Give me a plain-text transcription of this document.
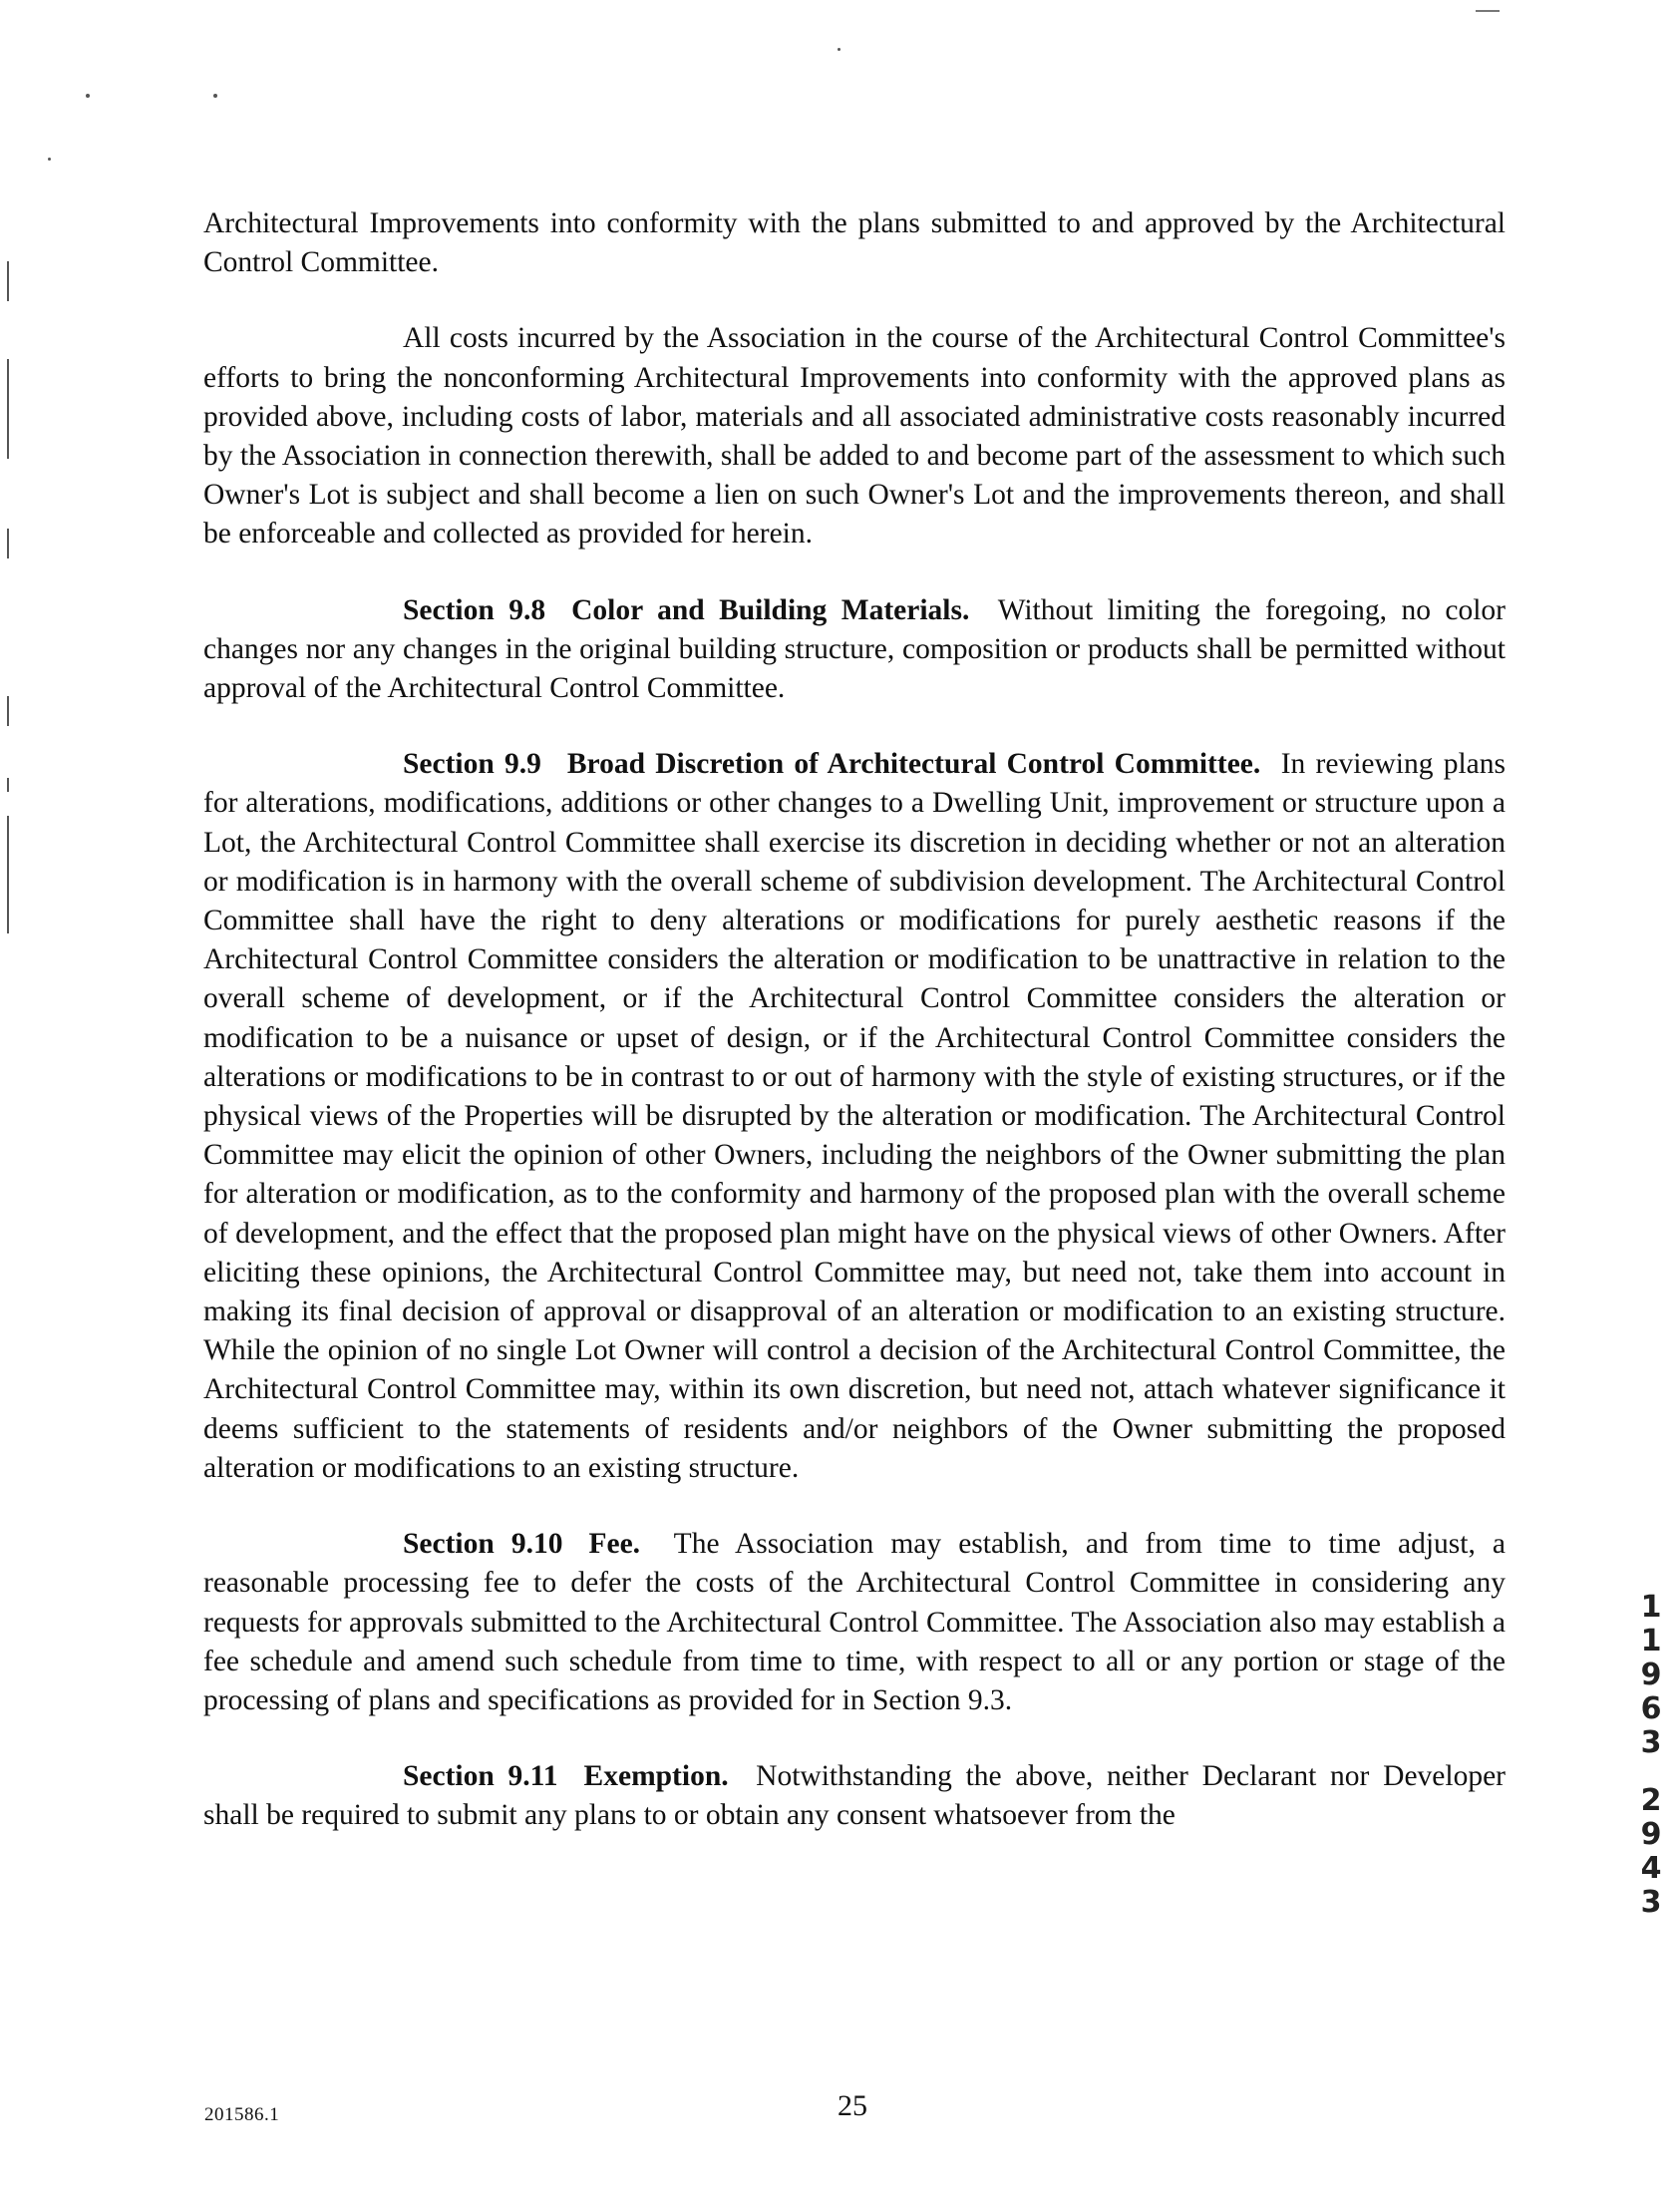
Architectural Improvements into conformity with the plans submitted to and approved by the Architectural Control Committee.

All costs incurred by the Association in the course of the Architectural Control Committee's efforts to bring the nonconforming Architectural Improvements into conformity with the approved plans as provided above, including costs of labor, materials and all associated administrative costs reasonably incurred by the Association in connection therewith, shall be added to and become part of the assessment to which such Owner's Lot is subject and shall become a lien on such Owner's Lot and the improvements thereon, and shall be enforceable and collected as provided for herein.

Section 9.8 Color and Building Materials. Without limiting the foregoing, no color changes nor any changes in the original building structure, composition or products shall be permitted without approval of the Architectural Control Committee.

Section 9.9 Broad Discretion of Architectural Control Committee. In reviewing plans for alterations, modifications, additions or other changes to a Dwelling Unit, improvement or structure upon a Lot, the Architectural Control Committee shall exercise its discretion in deciding whether or not an alteration or modification is in harmony with the overall scheme of subdivision development. The Architectural Control Committee shall have the right to deny alterations or modifications for purely aesthetic reasons if the Architectural Control Committee considers the alteration or modification to be unattractive in relation to the overall scheme of development, or if the Architectural Control Committee considers the alteration or modification to be a nuisance or upset of design, or if the Architectural Control Committee considers the alterations or modifications to be in contrast to or out of harmony with the style of existing structures, or if the physical views of the Properties will be disrupted by the alteration or modification. The Architectural Control Committee may elicit the opinion of other Owners, including the neighbors of the Owner submitting the plan for alteration or modification, as to the conformity and harmony of the proposed plan with the overall scheme of development, and the effect that the proposed plan might have on the physical views of other Owners. After eliciting these opinions, the Architectural Control Committee may, but need not, take them into account in making its final decision of approval or disapproval of an alteration or modification to an existing structure. While the opinion of no single Lot Owner will control a decision of the Architectural Control Committee, the Architectural Control Committee may, within its own discretion, but need not, attach whatever significance it deems sufficient to the statements of residents and/or neighbors of the Owner submitting the proposed alteration or modifications to an existing structure.

Section 9.10 Fee. The Association may establish, and from time to time adjust, a reasonable processing fee to defer the costs of the Architectural Control Committee in considering any requests for approvals submitted to the Architectural Control Committee. The Association also may establish a fee schedule and amend such schedule from time to time, with respect to all or any portion or stage of the processing of plans and specifications as provided for in Section 9.3.

Section 9.11 Exemption. Notwithstanding the above, neither Declarant nor Developer shall be required to submit any plans to or obtain any consent whatsoever from the

1
1
9
6
3
2
9
4
3
201586.1	25
